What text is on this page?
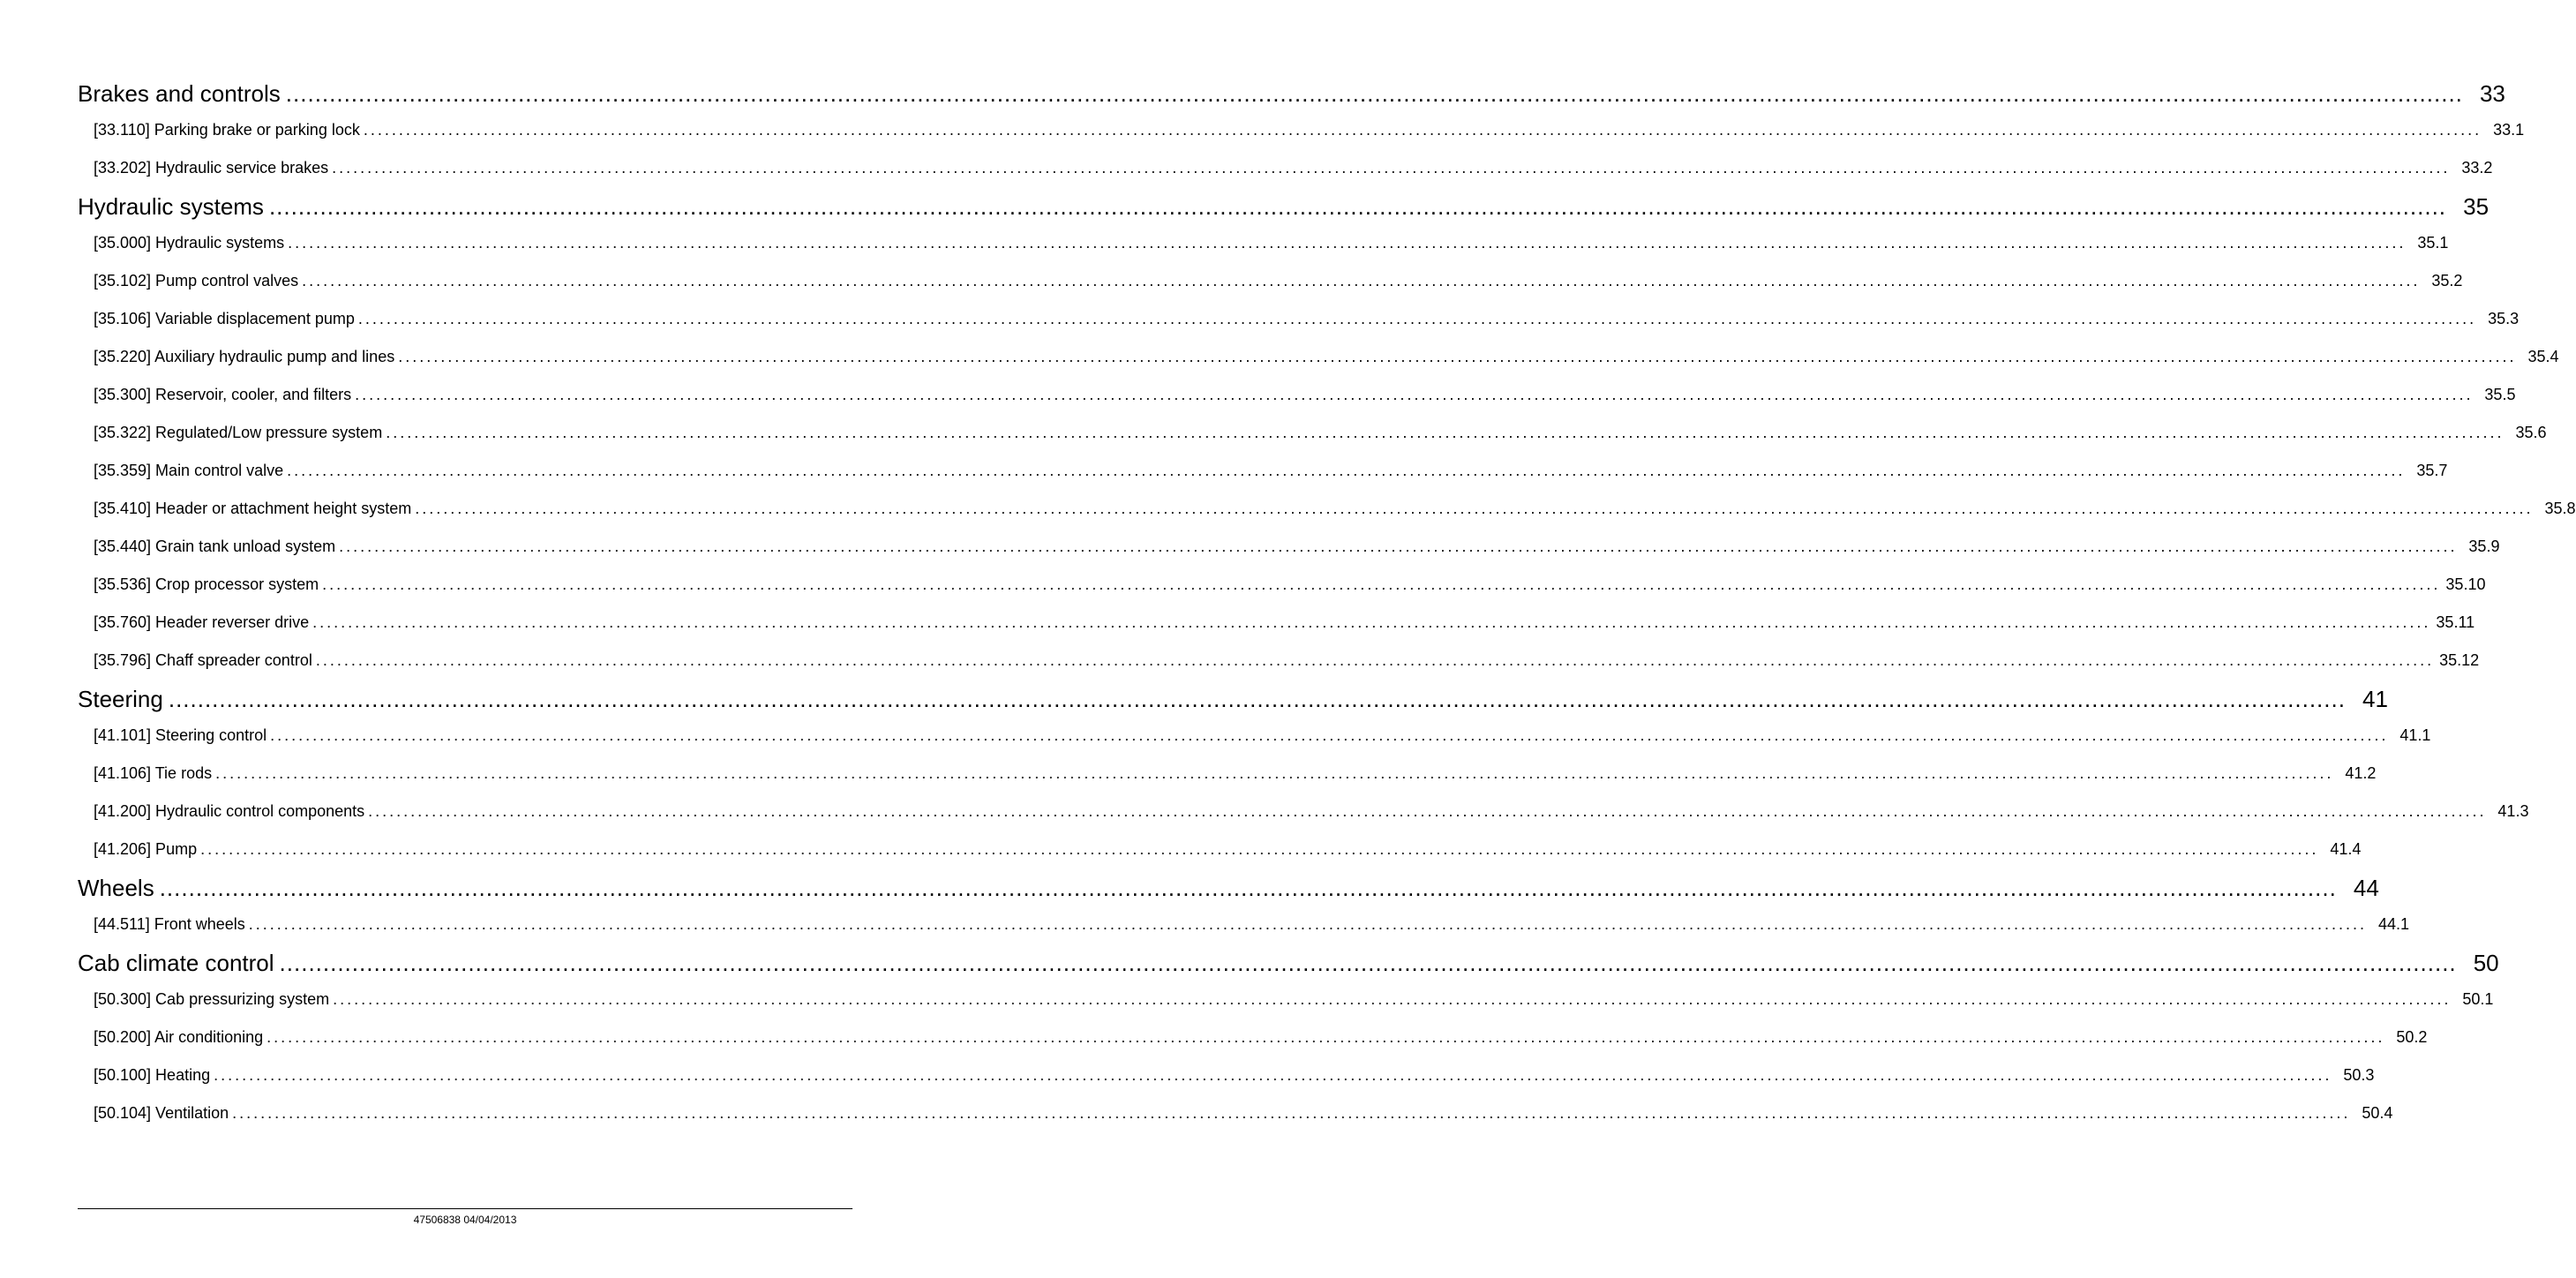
Brakes and controls ............................................................................................................................................................................................................................................................................................................ 33
[33.110] Parking brake or parking lock ............................................................................................................................................................................................................................................................................................................ 33.1
[33.202] Hydraulic service brakes ............................................................................................................................................................................................................................................................................................................ 33.2
Hydraulic systems ............................................................................................................................................................................................................................................................................................................ 35
[35.000] Hydraulic systems ............................................................................................................................................................................................................................................................................................................ 35.1
[35.102] Pump control valves ............................................................................................................................................................................................................................................................................................................ 35.2
[35.106] Variable displacement pump ............................................................................................................................................................................................................................................................................................................ 35.3
[35.220] Auxiliary hydraulic pump and lines ............................................................................................................................................................................................................................................................................................................ 35.4
[35.300] Reservoir, cooler, and filters ............................................................................................................................................................................................................................................................................................................ 35.5
[35.322] Regulated/Low pressure system ............................................................................................................................................................................................................................................................................................................ 35.6
[35.359] Main control valve ............................................................................................................................................................................................................................................................................................................ 35.7
[35.410] Header or attachment height system ............................................................................................................................................................................................................................................................................................................ 35.8
[35.440] Grain tank unload system ............................................................................................................................................................................................................................................................................................................ 35.9
[35.536] Crop processor system ............................................................................................................................................................................................................................................................................................................ 35.10
[35.760] Header reverser drive ............................................................................................................................................................................................................................................................................................................ 35.11
[35.796] Chaff spreader control ............................................................................................................................................................................................................................................................................................................ 35.12
Steering ............................................................................................................................................................................................................................................................................................................ 41
[41.101] Steering control ............................................................................................................................................................................................................................................................................................................ 41.1
[41.106] Tie rods ............................................................................................................................................................................................................................................................................................................ 41.2
[41.200] Hydraulic control components ............................................................................................................................................................................................................................................................................................................ 41.3
[41.206] Pump ............................................................................................................................................................................................................................................................................................................ 41.4
Wheels ............................................................................................................................................................................................................................................................................................................ 44
[44.511] Front wheels ............................................................................................................................................................................................................................................................................................................ 44.1
Cab climate control ............................................................................................................................................................................................................................................................................................................ 50
[50.300] Cab pressurizing system ............................................................................................................................................................................................................................................................................................................ 50.1
[50.200] Air conditioning ............................................................................................................................................................................................................................................................................................................ 50.2
[50.100] Heating ............................................................................................................................................................................................................................................................................................................ 50.3
[50.104] Ventilation ............................................................................................................................................................................................................................................................................................................ 50.4
47506838 04/04/2013
